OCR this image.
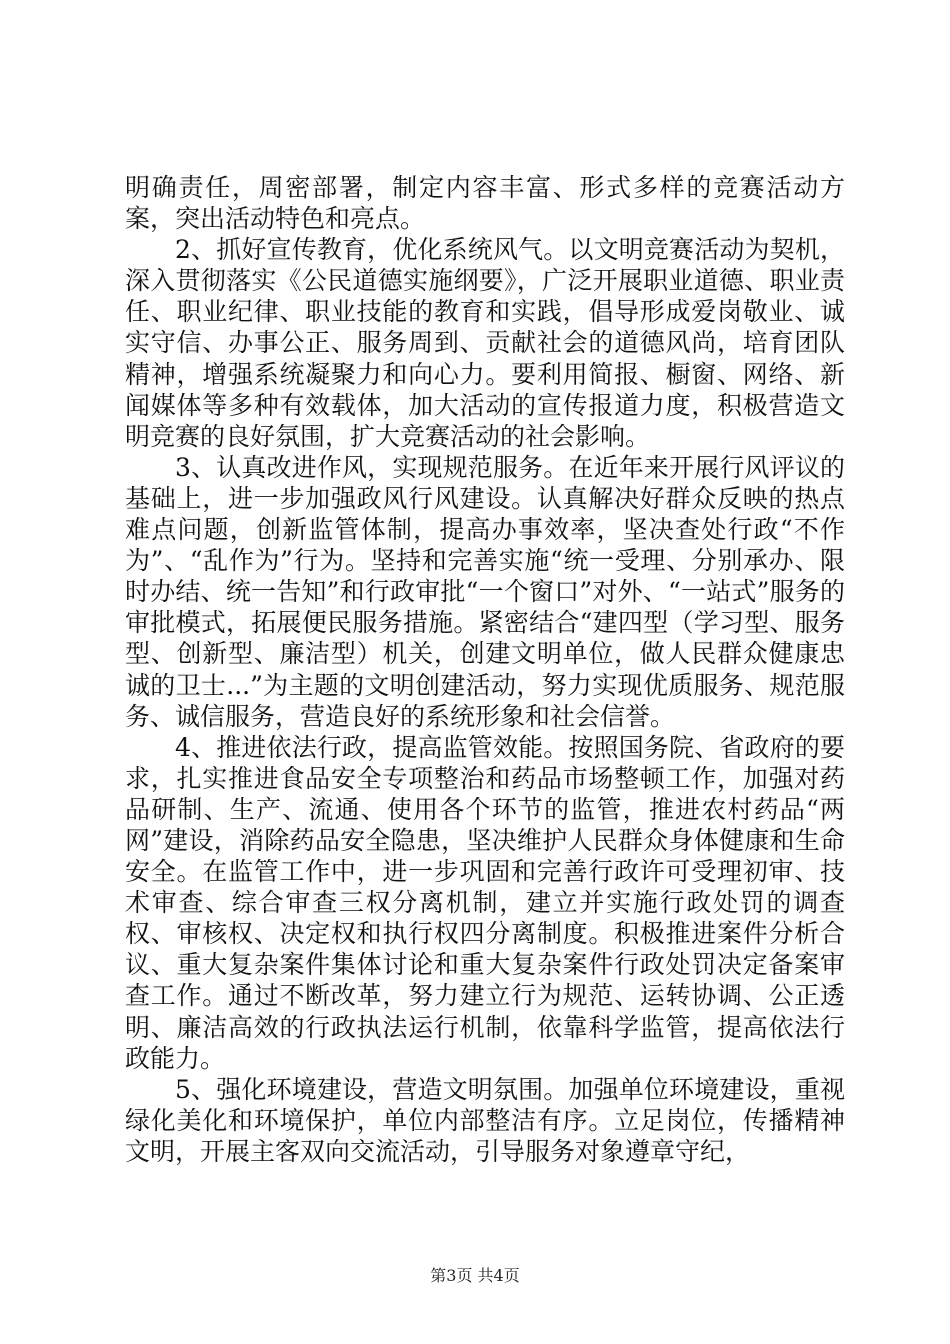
明确责任，周密部署，制定内容丰富、形式多样的竞赛活动方案，突出活动特色和亮点。

2、抓好宣传教育，优化系统风气。以文明竞赛活动为契机，深入贯彻落实《公民道德实施纲要》，广泛开展职业道德、职业责任、职业纪律、职业技能的教育和实践，倡导形成爱岗敬业、诚实守信、办事公正、服务周到、贡献社会的道德风尚，培育团队精神，增强系统凝聚力和向心力。要利用简报、橱窗、网络、新闻媒体等多种有效载体，加大活动的宣传报道力度，积极营造文明竞赛的良好氛围，扩大竞赛活动的社会影响。

3、认真改进作风，实现规范服务。在近年来开展行风评议的基础上，进一步加强政风行风建设。认真解决好群众反映的热点难点问题，创新监管体制，提高办事效率，坚决查处行政“不作为”、“乱作为”行为。坚持和完善实施“统一受理、分别承办、限时办结、统一告知”和行政审批“一个窗口”对外、“一站式”服务的审批模式，拓展便民服务措施。紧密结合“建四型（学习型、服务型、创新型、廉洁型）机关，创建文明单位，做人民群众健康忠诚的卫士...”为主题的文明创建活动，努力实现优质服务、规范服务、诚信服务，营造良好的系统形象和社会信誉。

4、推进依法行政，提高监管效能。按照国务院、省政府的要求，扎实推进食品安全专项整治和药品市场整顿工作，加强对药品研制、生产、流通、使用各个环节的监管，推进农村药品“两网”建设，消除药品安全隐患，坚决维护人民群众身体健康和生命安全。在监管工作中，进一步巩固和完善行政许可受理初审、技术审查、综合审查三权分离机制，建立并实施行政处罚的调查权、审核权、决定权和执行权四分离制度。积极推进案件分析合议、重大复杂案件集体讨论和重大复杂案件行政处罚决定备案审查工作。通过不断改革，努力建立行为规范、运转协调、公正透明、廉洁高效的行政执法运行机制，依靠科学监管，提高依法行政能力。

5、强化环境建设，营造文明氛围。加强单位环境建设，重视绿化美化和环境保护，单位内部整洁有序。立足岗位，传播精神文明，开展主客双向交流活动，引导服务对象遵章守纪，

第3页 共4页
